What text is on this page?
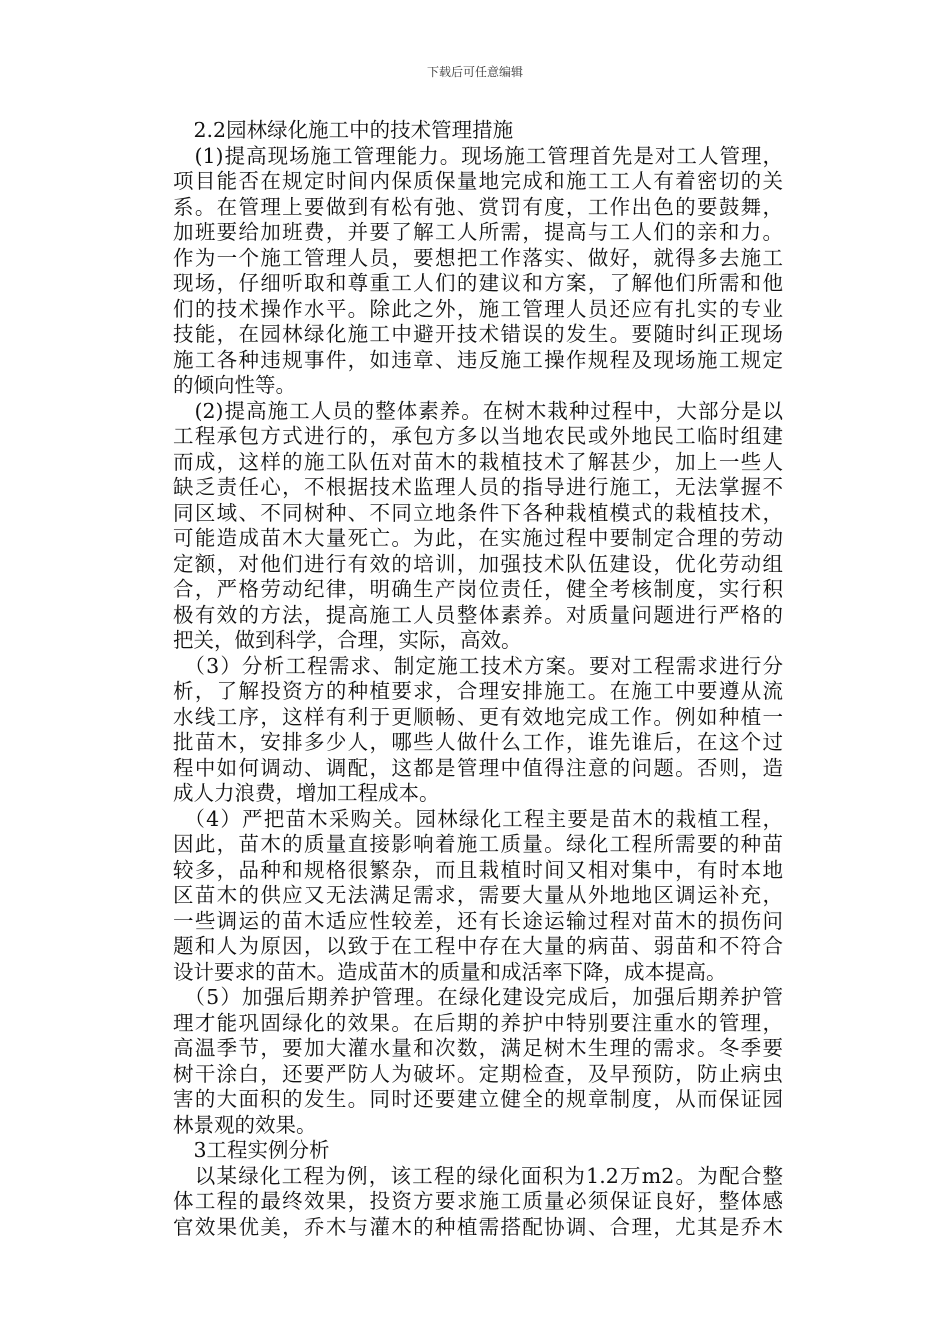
下载后可任意编辑
　2.2园林绿化施工中的技术管理措施
　(1)提高现场施工管理能力。现场施工管理首先是对工人管理，
项目能否在规定时间内保质保量地完成和施工工人有着密切的关
系。在管理上要做到有松有弛、赏罚有度，工作出色的要鼓舞，
加班要给加班费，并要了解工人所需，提高与工人们的亲和力。
作为一个施工管理人员，要想把工作落实、做好，就得多去施工
现场，仔细听取和尊重工人们的建议和方案，了解他们所需和他
们的技术操作水平。除此之外，施工管理人员还应有扎实的专业
技能，在园林绿化施工中避开技术错误的发生。要随时纠正现场
施工各种违规事件，如违章、违反施工操作规程及现场施工规定
的倾向性等。
　(2)提高施工人员的整体素养。在树木栽种过程中，大部分是以
工程承包方式进行的，承包方多以当地农民或外地民工临时组建
而成，这样的施工队伍对苗木的栽植技术了解甚少，加上一些人
缺乏责任心，不根据技术监理人员的指导进行施工，无法掌握不
同区域、不同树种、不同立地条件下各种栽植模式的栽植技术，
可能造成苗木大量死亡。为此，在实施过程中要制定合理的劳动
定额，对他们进行有效的培训，加强技术队伍建设，优化劳动组
合，严格劳动纪律，明确生产岗位责任，健全考核制度，实行积
极有效的方法，提高施工人员整体素养。对质量问题进行严格的
把关，做到科学，合理，实际，高效。
　（3）分析工程需求、制定施工技术方案。要对工程需求进行分
析，了解投资方的种植要求，合理安排施工。在施工中要遵从流
水线工序，这样有利于更顺畅、更有效地完成工作。例如种植一
批苗木，安排多少人，哪些人做什么工作，谁先谁后，在这个过
程中如何调动、调配，这都是管理中值得注意的问题。否则，造
成人力浪费，增加工程成本。
　（4）严把苗木采购关。园林绿化工程主要是苗木的栽植工程，
因此，苗木的质量直接影响着施工质量。绿化工程所需要的种苗
较多，品种和规格很繁杂，而且栽植时间又相对集中，有时本地
区苗木的供应又无法满足需求，需要大量从外地地区调运补充，
一些调运的苗木适应性较差，还有长途运输过程对苗木的损伤问
题和人为原因，以致于在工程中存在大量的病苗、弱苗和不符合
设计要求的苗木。造成苗木的质量和成活率下降，成本提高。
　（5）加强后期养护管理。在绿化建设完成后，加强后期养护管
理才能巩固绿化的效果。在后期的养护中特别要注重水的管理，
高温季节，要加大灌水量和次数，满足树木生理的需求。冬季要
树干涂白，还要严防人为破坏。定期检查，及早预防，防止病虫
害的大面积的发生。同时还要建立健全的规章制度，从而保证园
林景观的效果。
　3工程实例分析
　以某绿化工程为例，该工程的绿化面积为1.2万m2。为配合整
体工程的最终效果，投资方要求施工质量必须保证良好，整体感
官效果优美，乔木与灌木的种植需搭配协调、合理，尤其是乔木
